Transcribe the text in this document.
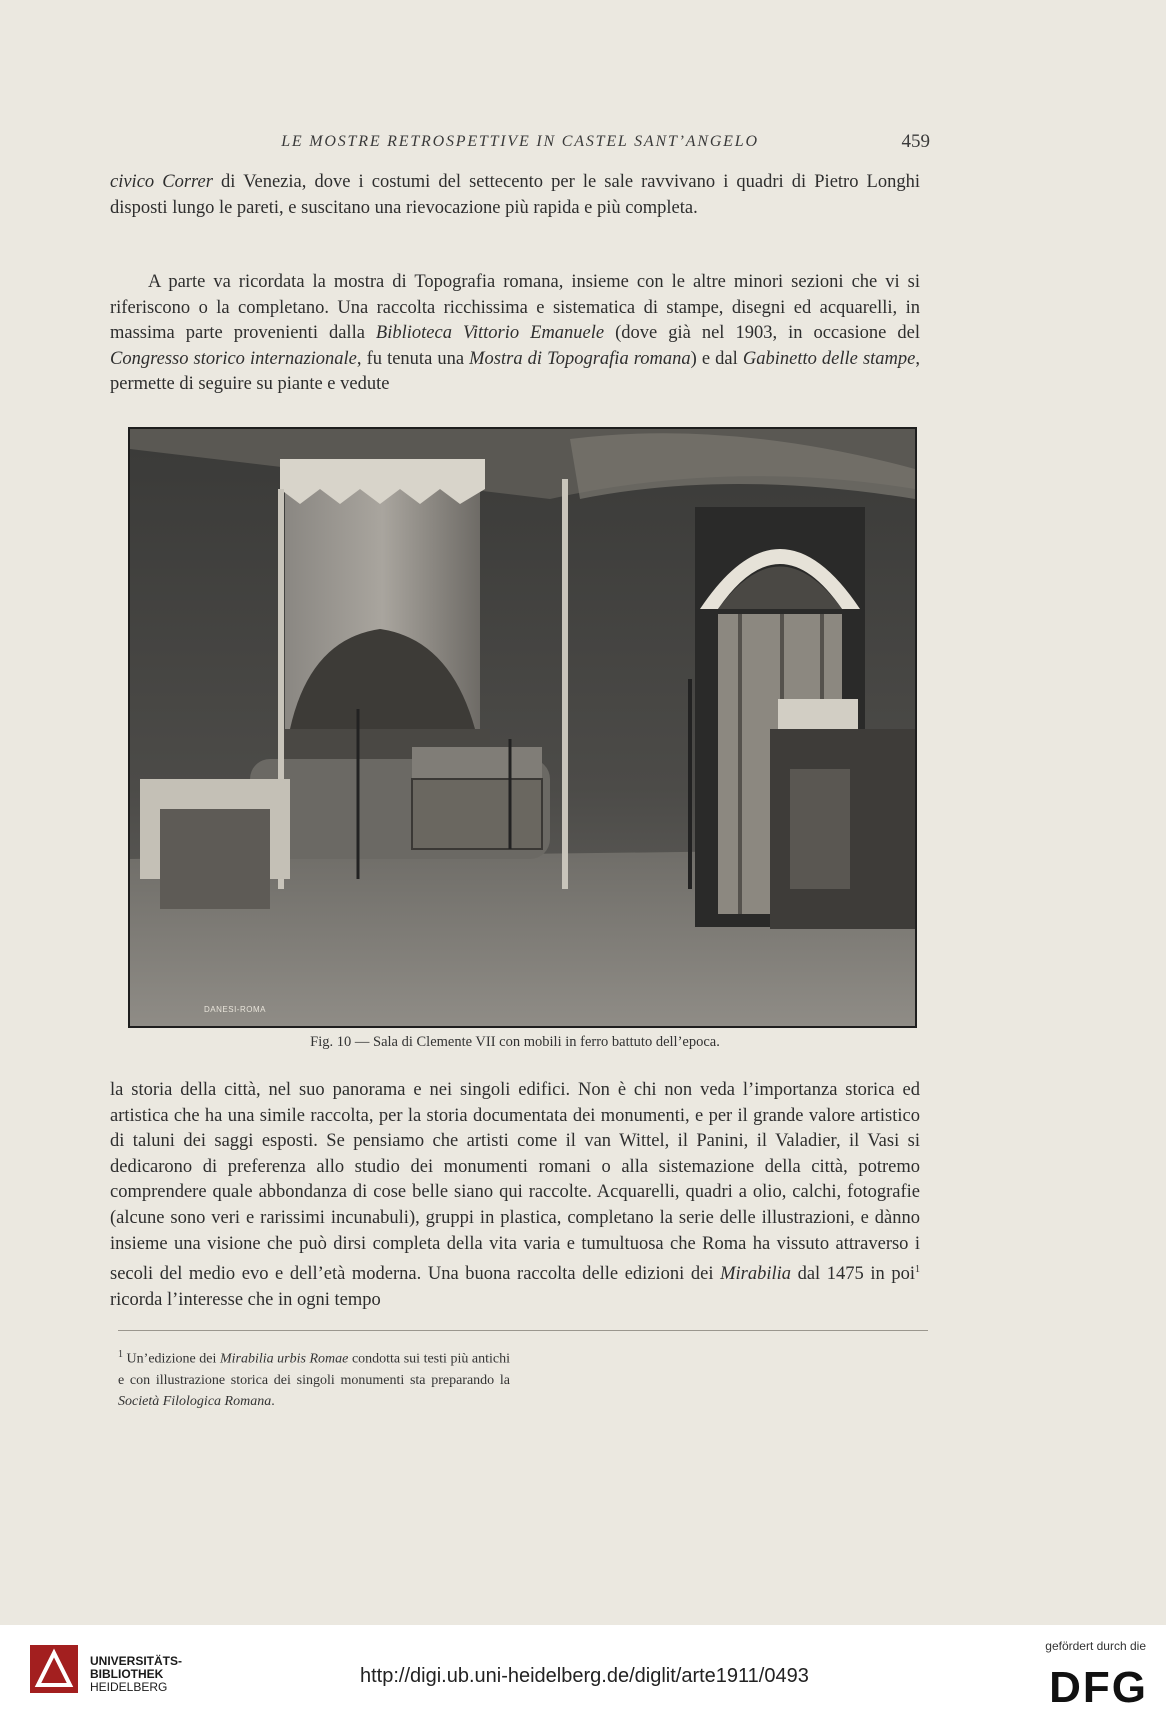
LE MOSTRE RETROSPETTIVE IN CASTEL SANT’ANGELO	459

civico Correr di Venezia, dove i costumi del settecento per le sale ravvivano i quadri di Pietro Longhi disposti lungo le pareti, e suscitano una rievocazione più rapida e più completa.

A parte va ricordata la mostra di Topografia romana, insieme con le altre minori sezioni che vi si riferiscono o la completano. Una raccolta ricchissima e sistematica di stampe, disegni ed acquarelli, in massima parte provenienti dalla Biblioteca Vittorio Emanuele (dove già nel 1903, in occasione del Congresso storico internazionale, fu tenuta una Mostra di Topografia romana) e dal Gabinetto delle stampe, permette di seguire su piante e vedute

DANESI-ROMA
Fig. 10 — Sala di Clemente VII con mobili in ferro battuto dell’epoca.

la storia della città, nel suo panorama e nei singoli edifici. Non è chi non veda l’importanza storica ed artistica che ha una simile raccolta, per la storia documentata dei monumenti, e per il grande valore artistico di taluni dei saggi esposti. Se pensiamo che artisti come il van Wittel, il Panini, il Valadier, il Vasi si dedicarono di preferenza allo studio dei monumenti romani o alla sistemazione della città, potremo comprendere quale abbondanza di cose belle siano qui raccolte. Acquarelli, quadri a olio, calchi, fotografie (alcune sono veri e rarissimi incunabuli), gruppi in plastica, completano la serie delle illustrazioni, e dànno insieme una visione che può dirsi completa della vita varia e tumultuosa che Roma ha vissuto attraverso i secoli del medio evo e dell’età moderna. Una buona raccolta delle edizioni dei Mirabilia dal 1475 in poi$^1$ ricorda l’interesse che in ogni tempo

$^1$ Un’edizione dei Mirabilia urbis Romae condotta sui testi più antichi e con illustrazione storica dei singoli monumenti sta preparando la Società Filologica Romana.
UNIVERSITÄTS-
BIBLIOTHEK
HEIDELBERG	http://digi.ub.uni-heidelberg.de/diglit/arte1911/0493
gefördert durch die
DFG
